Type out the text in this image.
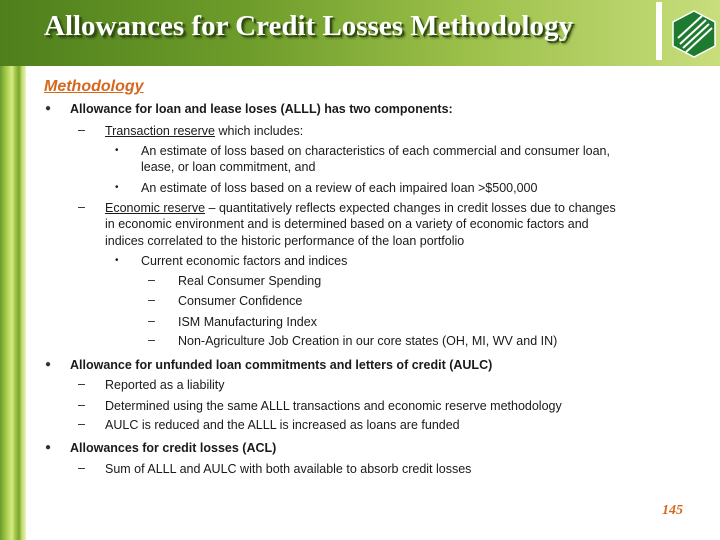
Allowances for Credit Losses Methodology
Methodology
● Allowance for loan and lease loses (ALLL) has two components:
– Transaction reserve which includes:
• An estimate of loss based on characteristics of each commercial and consumer loan,
lease, or loan commitment, and
• An estimate of loss based on a review of each impaired loan >$500,000
– Economic reserve – quantitatively reflects expected changes in credit losses due to changes
in economic environment and is determined based on a variety of economic factors and
indices correlated to the historic performance of the loan portfolio
• Current economic factors and indices
– Real Consumer Spending
– Consumer Confidence
– ISM Manufacturing Index
– Non-Agriculture Job Creation in our core states (OH, MI, WV and IN)
● Allowance for unfunded loan commitments and letters of credit (AULC)
– Reported as a liability
– Determined using the same ALLL transactions and economic reserve methodology
– AULC is reduced and the ALLL is increased as loans are funded
● Allowances for credit losses (ACL)
– Sum of ALLL and AULC with both available to absorb credit losses
145
